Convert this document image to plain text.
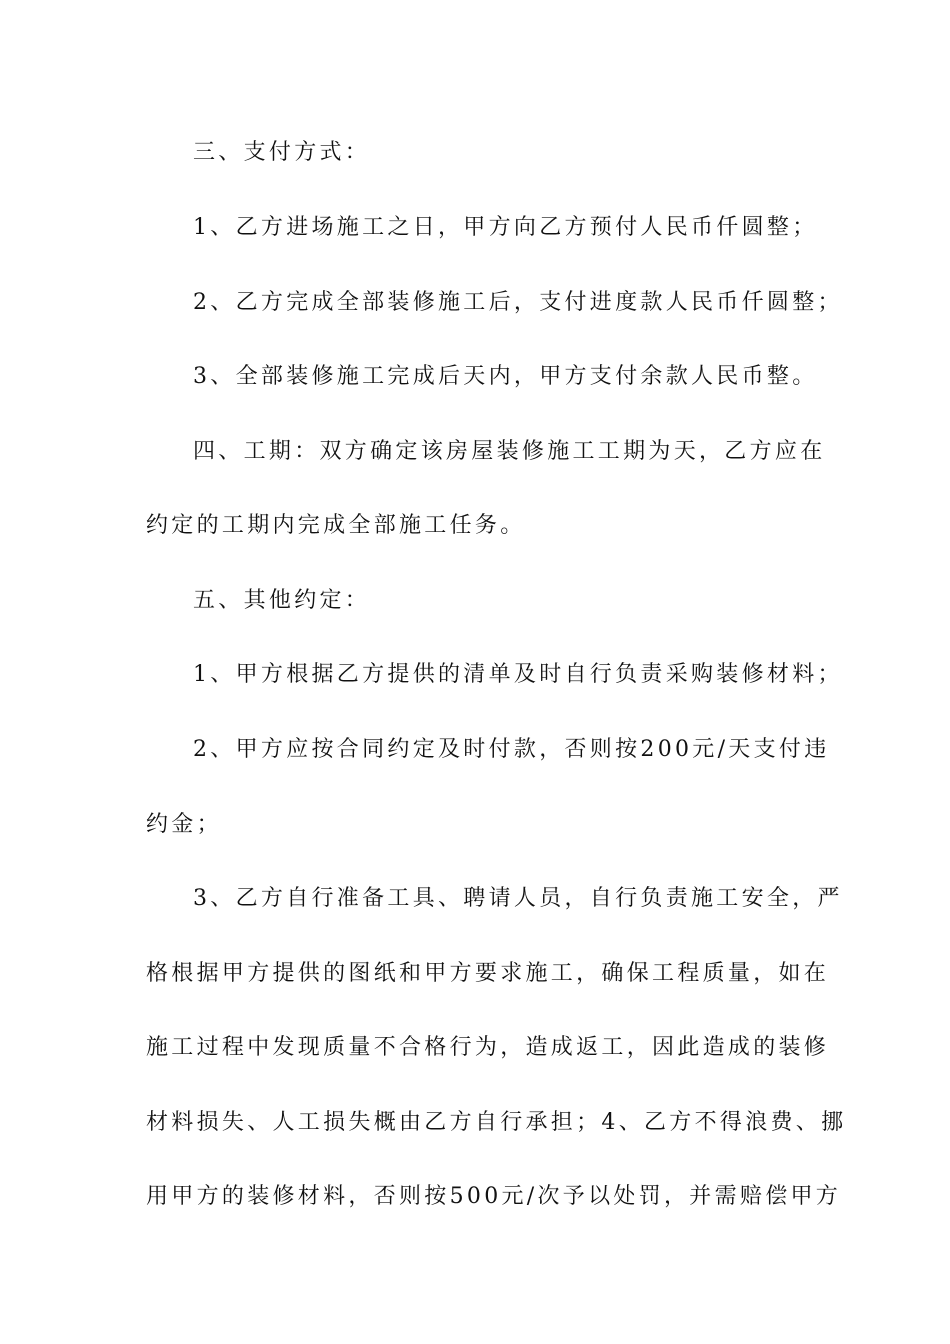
三、支付方式：
1、乙方进场施工之日，甲方向乙方预付人民币仟圆整；
2、乙方完成全部装修施工后，支付进度款人民币仟圆整；
3、全部装修施工完成后天内，甲方支付余款人民币整。
四、工期：双方确定该房屋装修施工工期为天，乙方应在
约定的工期内完成全部施工任务。
五、其他约定：
1、甲方根据乙方提供的清单及时自行负责采购装修材料；
2、甲方应按合同约定及时付款，否则按200元/天支付违
约金；
3、乙方自行准备工具、聘请人员，自行负责施工安全，严
格根据甲方提供的图纸和甲方要求施工，确保工程质量，如在
施工过程中发现质量不合格行为，造成返工，因此造成的装修
材料损失、人工损失概由乙方自行承担；4、乙方不得浪费、挪
用甲方的装修材料，否则按500元/次予以处罚，并需赔偿甲方
